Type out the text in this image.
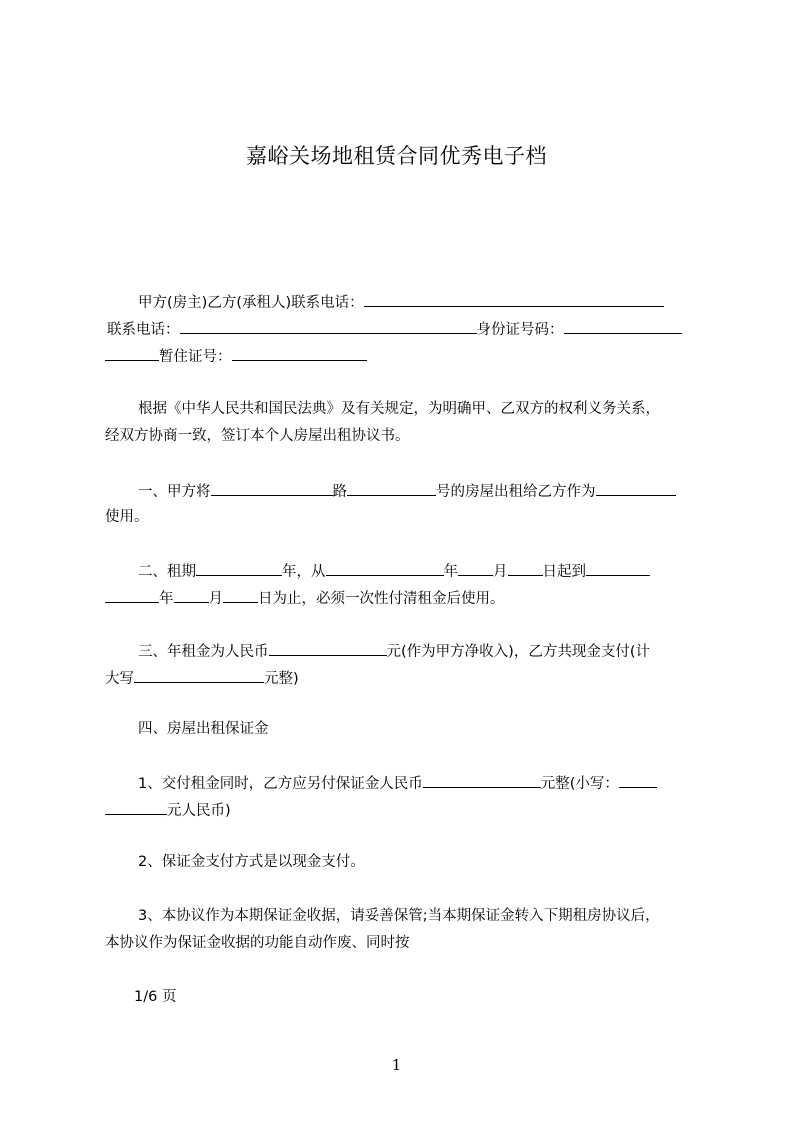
嘉峪关场地租赁合同优秀电子档
甲方(房主)乙方(承租人)联系电话：
联系电话：	身份证号码：
暂住证号：
根据《中华人民共和国民法典》及有关规定，为明确甲、乙双方的权利义务关系，
经双方协商一致，签订本个人房屋出租协议书。
一、甲方将	路	号的房屋出租给乙方作为
使用。
二、租期	年，从	年 月 日起到
年 月 日为止，必须一次性付清租金后使用。
三、年租金为人民币	元(作为甲方净收入)，乙方共现金支付(计
大写	元整)
四、房屋出租保证金
1、交付租金同时，乙方应另付保证金人民币	元整(小写：
元人民币)
2、保证金支付方式是以现金支付。
3、本协议作为本期保证金收据，请妥善保管;当本期保证金转入下期租房协议后，
本协议作为保证金收据的功能自动作废、同时按
1/6 页
1
